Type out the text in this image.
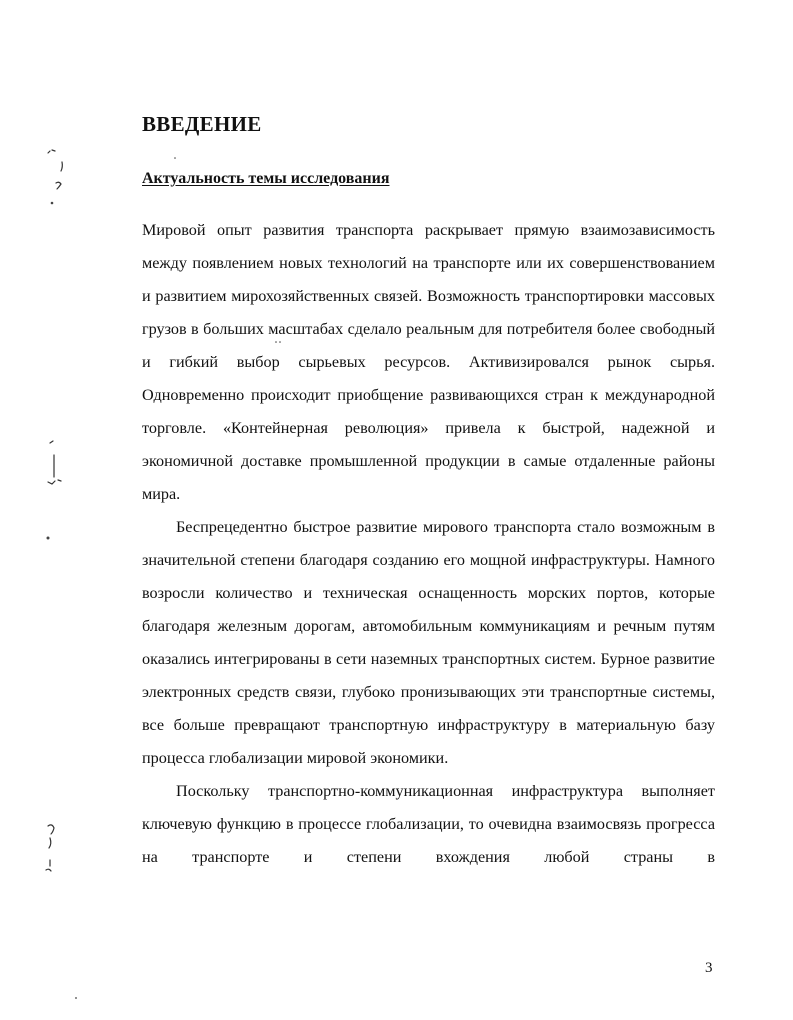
ВВЕДЕНИЕ
Актуальность темы исследования

Мировой опыт развития транспорта раскрывает прямую взаимозависимость между появлением новых технологий на транспорте или их совершенствованием и развитием мирохозяйственных связей. Возможность транспортировки массовых грузов в больших масштабах сделало реальным для потребителя более свободный и гибкий выбор сырьевых ресурсов. Активизировался рынок сырья. Одновременно происходит приобщение развивающихся стран к международной торговле. «Контейнерная революция» привела к быстрой, надежной и экономичной доставке промышленной продукции в самые отдаленные районы мира.

Беспрецедентно быстрое развитие мирового транспорта стало возможным в значительной степени благодаря созданию его мощной инфраструктуры. Намного возросли количество и техническая оснащенность морских портов, которые благодаря железным дорогам, автомобильным коммуникациям и речным путям оказались интегрированы в сети наземных транспортных систем. Бурное развитие электронных средств связи, глубоко пронизывающих эти транспортные системы, все больше превращают транспортную инфраструктуру в материальную базу процесса глобализации мировой экономики.

Поскольку транспортно-коммуникационная инфраструктура выполняет ключевую функцию в процессе глобализации, то очевидна взаимосвязь прогресса на транспорте и степени вхождения любой страны в

3
